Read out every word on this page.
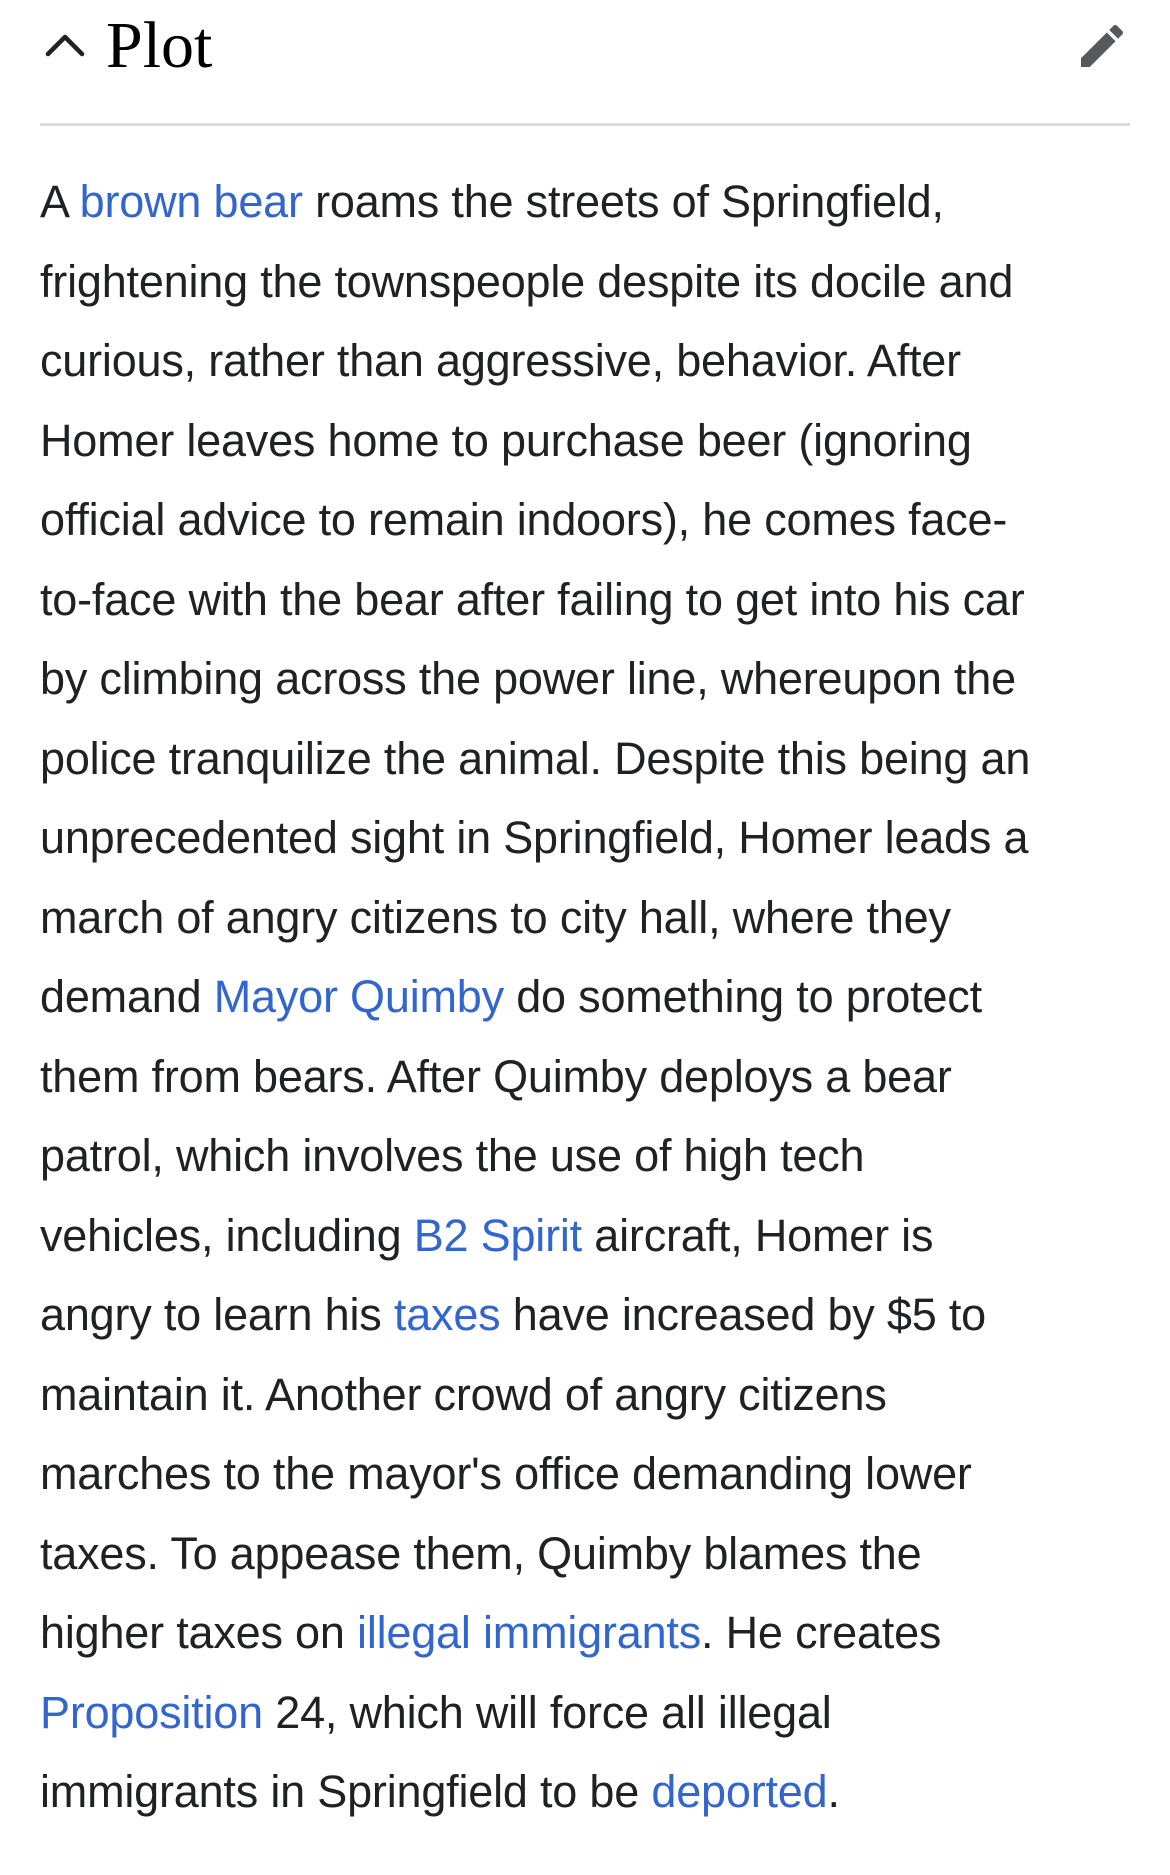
Plot

A brown bear roams the streets of Springfield,
frightening the townspeople despite its docile and
curious, rather than aggressive, behavior. After
Homer leaves home to purchase beer (ignoring
official advice to remain indoors), he comes face-
to-face with the bear after failing to get into his car
by climbing across the power line, whereupon the
police tranquilize the animal. Despite this being an
unprecedented sight in Springfield, Homer leads a
march of angry citizens to city hall, where they
demand Mayor Quimby do something to protect
them from bears. After Quimby deploys a bear
patrol, which involves the use of high tech
vehicles, including B2 Spirit aircraft, Homer is
angry to learn his taxes have increased by $5 to
maintain it. Another crowd of angry citizens
marches to the mayor's office demanding lower
taxes. To appease them, Quimby blames the
higher taxes on illegal immigrants. He creates
Proposition 24, which will force all illegal
immigrants in Springfield to be deported.
